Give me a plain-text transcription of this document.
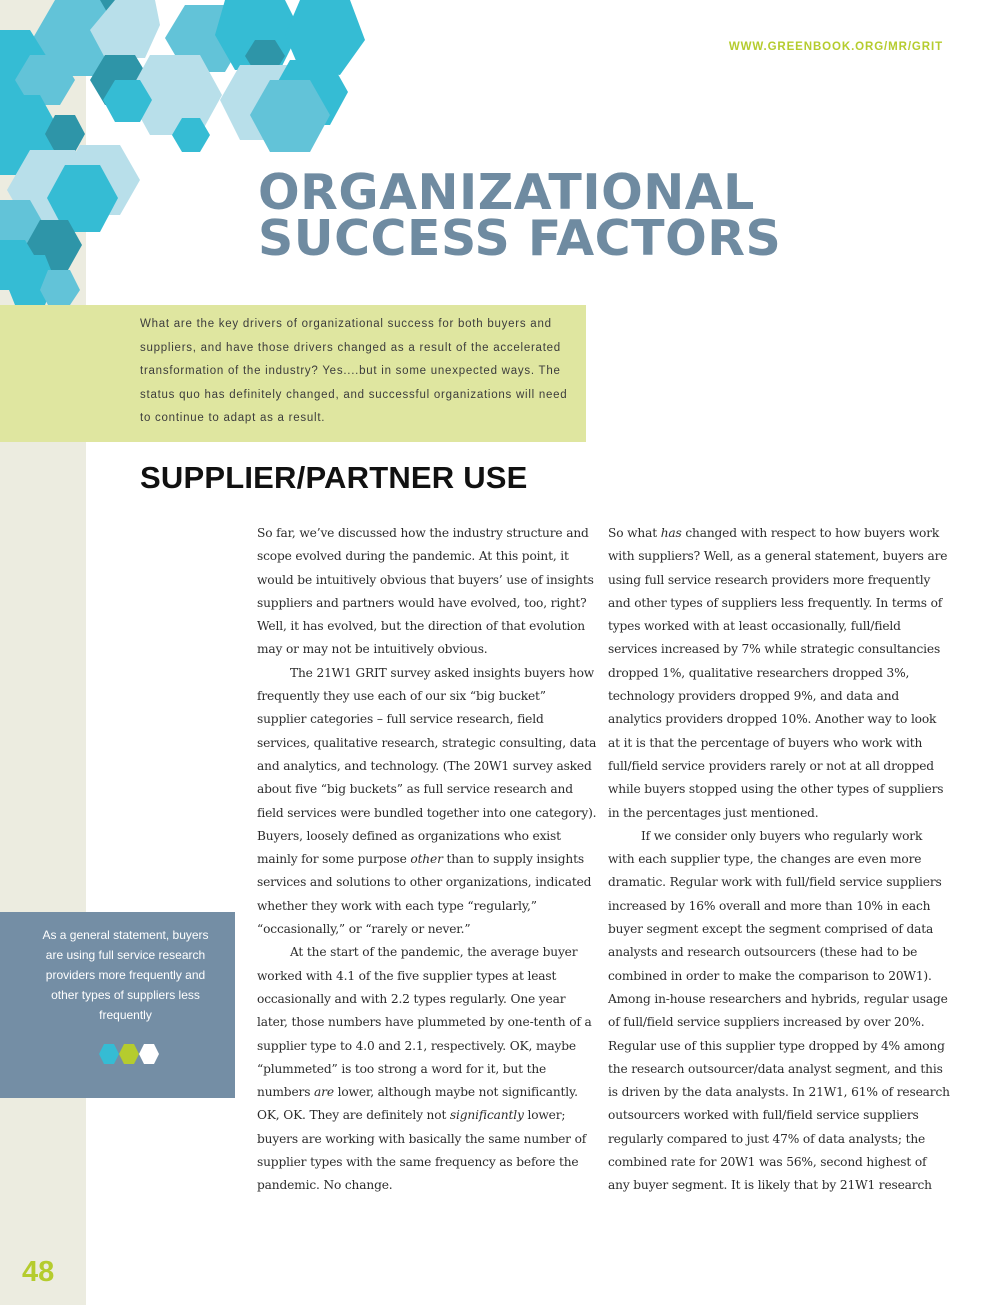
WWW.GREENBOOK.ORG/MR/GRIT
ORGANIZATIONAL
SUCCESS FACTORS
What are the key drivers of organizational success for both buyers and suppliers, and have those drivers changed as a result of the accelerated transformation of the industry? Yes....but in some unexpected ways. The status quo has definitely changed, and successful organizations will need to continue to adapt as a result.
SUPPLIER/PARTNER USE

So far, we’ve discussed how the industry structure and scope evolved during the pandemic. At this point, it would be intuitively obvious that buyers’ use of insights suppliers and partners would have evolved, too, right? Well, it has evolved, but the direction of that evolution may or may not be intuitively obvious.

The 21W1 GRIT survey asked insights buyers how frequently they use each of our six “big bucket” supplier categories – full service research, field services, qualitative research, strategic consulting, data and analytics, and technology. (The 20W1 survey asked about five “big buckets” as full service research and field services were bundled together into one category). Buyers, loosely defined as organizations who exist mainly for some purpose other than to supply insights services and solutions to other organizations, indicated whether they work with each type “regularly,” “occasionally,” or “rarely or never.”

At the start of the pandemic, the average buyer worked with 4.1 of the five supplier types at least occasionally and with 2.2 types regularly. One year later, those numbers have plummeted by one-tenth of a supplier type to 4.0 and 2.1, respectively. OK, maybe “plummeted” is too strong a word for it, but the numbers are lower, although maybe not significantly. OK, OK. They are definitely not significantly lower; buyers are working with basically the same number of supplier types with the same frequency as before the pandemic. No change.

So what has changed with respect to how buyers work with suppliers? Well, as a general statement, buyers are using full service research providers more frequently and other types of suppliers less frequently. In terms of types worked with at least occasionally, full/field services increased by 7% while strategic consultancies dropped 1%, qualitative researchers dropped 3%, technology providers dropped 9%, and data and analytics providers dropped 10%. Another way to look at it is that the percentage of buyers who work with full/field service providers rarely or not at all dropped while buyers stopped using the other types of suppliers in the percentages just mentioned.

If we consider only buyers who regularly work with each supplier type, the changes are even more dramatic. Regular work with full/field service suppliers increased by 16% overall and more than 10% in each buyer segment except the segment comprised of data analysts and research outsourcers (these had to be combined in order to make the comparison to 20W1). Among in-house researchers and hybrids, regular usage of full/field service suppliers increased by over 20%. Regular use of this supplier type dropped by 4% among the research outsourcer/data analyst segment, and this is driven by the data analysts. In 21W1, 61% of research outsourcers worked with full/field service suppliers regularly compared to just 47% of data analysts; the combined rate for 20W1 was 56%, second highest of any buyer segment. It is likely that by 21W1 research

As a general statement, buyers are using full service research providers more frequently and other types of suppliers less frequently

48
